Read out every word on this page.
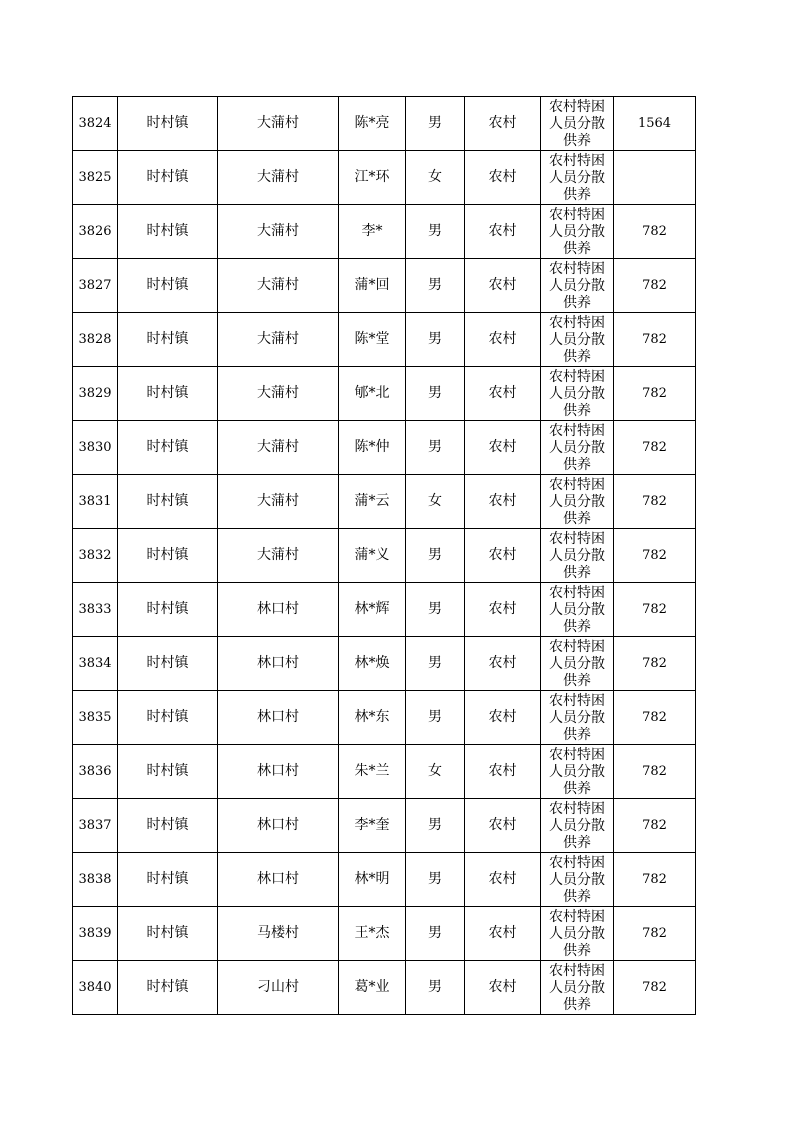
3824	时村镇	大蒲村	陈*亮	男	农村	农村特困人员分散供养	1564
3825	时村镇	大蒲村	江*环	女	农村	农村特困人员分散供养	

3826	时村镇	大蒲村	李*	男	农村	农村特困人员分散供养	782
3827	时村镇	大蒲村	蒲*回	男	农村	农村特困人员分散供养	782
3828	时村镇	大蒲村	陈*堂	男	农村	农村特困人员分散供养	782
3829	时村镇	大蒲村	郇*北	男	农村	农村特困人员分散供养	782
3830	时村镇	大蒲村	陈*仲	男	农村	农村特困人员分散供养	782
3831	时村镇	大蒲村	蒲*云	女	农村	农村特困人员分散供养	782
3832	时村镇	大蒲村	蒲*义	男	农村	农村特困人员分散供养	782
3833	时村镇	林口村	林*辉	男	农村	农村特困人员分散供养	782
3834	时村镇	林口村	林*焕	男	农村	农村特困人员分散供养	782
3835	时村镇	林口村	林*东	男	农村	农村特困人员分散供养	782
3836	时村镇	林口村	朱*兰	女	农村	农村特困人员分散供养	782
3837	时村镇	林口村	李*奎	男	农村	农村特困人员分散供养	782
3838	时村镇	林口村	林*明	男	农村	农村特困人员分散供养	782
3839	时村镇	马楼村	王*杰	男	农村	农村特困人员分散供养	782
3840	时村镇	刁山村	葛*业	男	农村	农村特困人员分散供养	782
